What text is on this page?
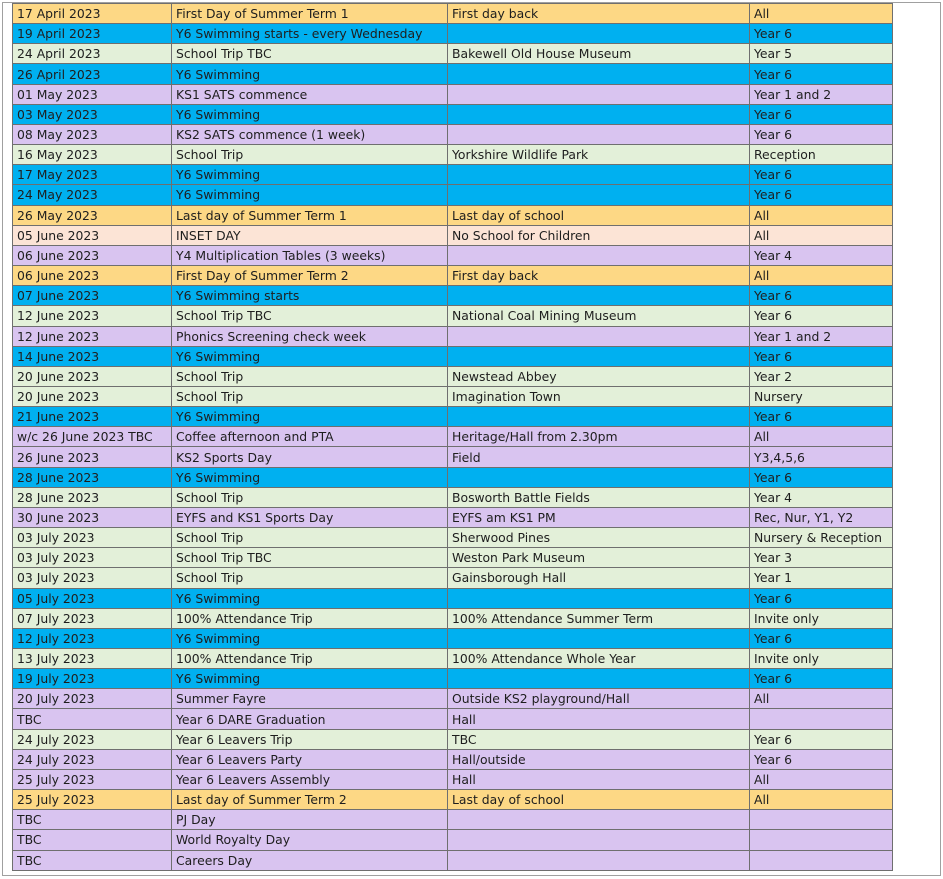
17 April 2023	First Day of Summer Term 1	First day back	All
19 April 2023	Y6 Swimming starts - every Wednesday		Year 6
24 April 2023	School Trip TBC	Bakewell Old House Museum	Year 5
26 April 2023	Y6 Swimming		Year 6
01 May 2023	KS1 SATS commence		Year 1 and 2
03 May 2023	Y6 Swimming		Year 6
08 May 2023	KS2 SATS commence (1 week)		Year 6
16 May 2023	School Trip	Yorkshire Wildlife Park	Reception
17 May 2023	Y6 Swimming		Year 6
24 May 2023	Y6 Swimming		Year 6
26 May 2023	Last day of Summer Term 1	Last day of school	All
05 June 2023	INSET DAY	No School for Children	All
06 June 2023	Y4 Multiplication Tables (3 weeks)		Year 4
06 June 2023	First Day of Summer Term 2	First day back	All
07 June 2023	Y6 Swimming starts		Year 6
12 June 2023	School Trip TBC	National Coal Mining Museum	Year 6
12 June 2023	Phonics Screening check week		Year 1 and 2
14 June 2023	Y6 Swimming		Year 6
20 June 2023	School Trip	Newstead Abbey	Year 2
20 June 2023	School Trip	Imagination Town	Nursery
21 June 2023	Y6 Swimming		Year 6
w/c 26 June 2023 TBC	Coffee afternoon and PTA	Heritage/Hall from 2.30pm	All
26 June 2023	KS2 Sports Day	Field	Y3,4,5,6
28 June 2023	Y6 Swimming		Year 6
28 June 2023	School Trip	Bosworth Battle Fields	Year 4
30 June 2023	EYFS and KS1 Sports Day	EYFS am KS1 PM	Rec, Nur, Y1, Y2
03 July 2023	School Trip	Sherwood Pines	Nursery & Reception
03 July 2023	School Trip TBC	Weston Park Museum	Year 3
03 July 2023	School Trip	Gainsborough Hall	Year 1
05 July 2023	Y6 Swimming		Year 6
07 July 2023	100% Attendance Trip	100% Attendance Summer Term	Invite only
12 July 2023	Y6 Swimming		Year 6
13 July 2023	100% Attendance Trip	100% Attendance Whole Year	Invite only
19 July 2023	Y6 Swimming		Year 6
20 July 2023	Summer Fayre	Outside KS2 playground/Hall	All
TBC	Year 6 DARE Graduation	Hall	
24 July 2023	Year 6 Leavers Trip	TBC	Year 6
24 July 2023	Year 6 Leavers Party	Hall/outside	Year 6
25 July 2023	Year 6 Leavers Assembly	Hall	All
25 July 2023	Last day of Summer Term 2	Last day of school	All
TBC	PJ Day		
TBC	World Royalty Day		
TBC	Careers Day		
